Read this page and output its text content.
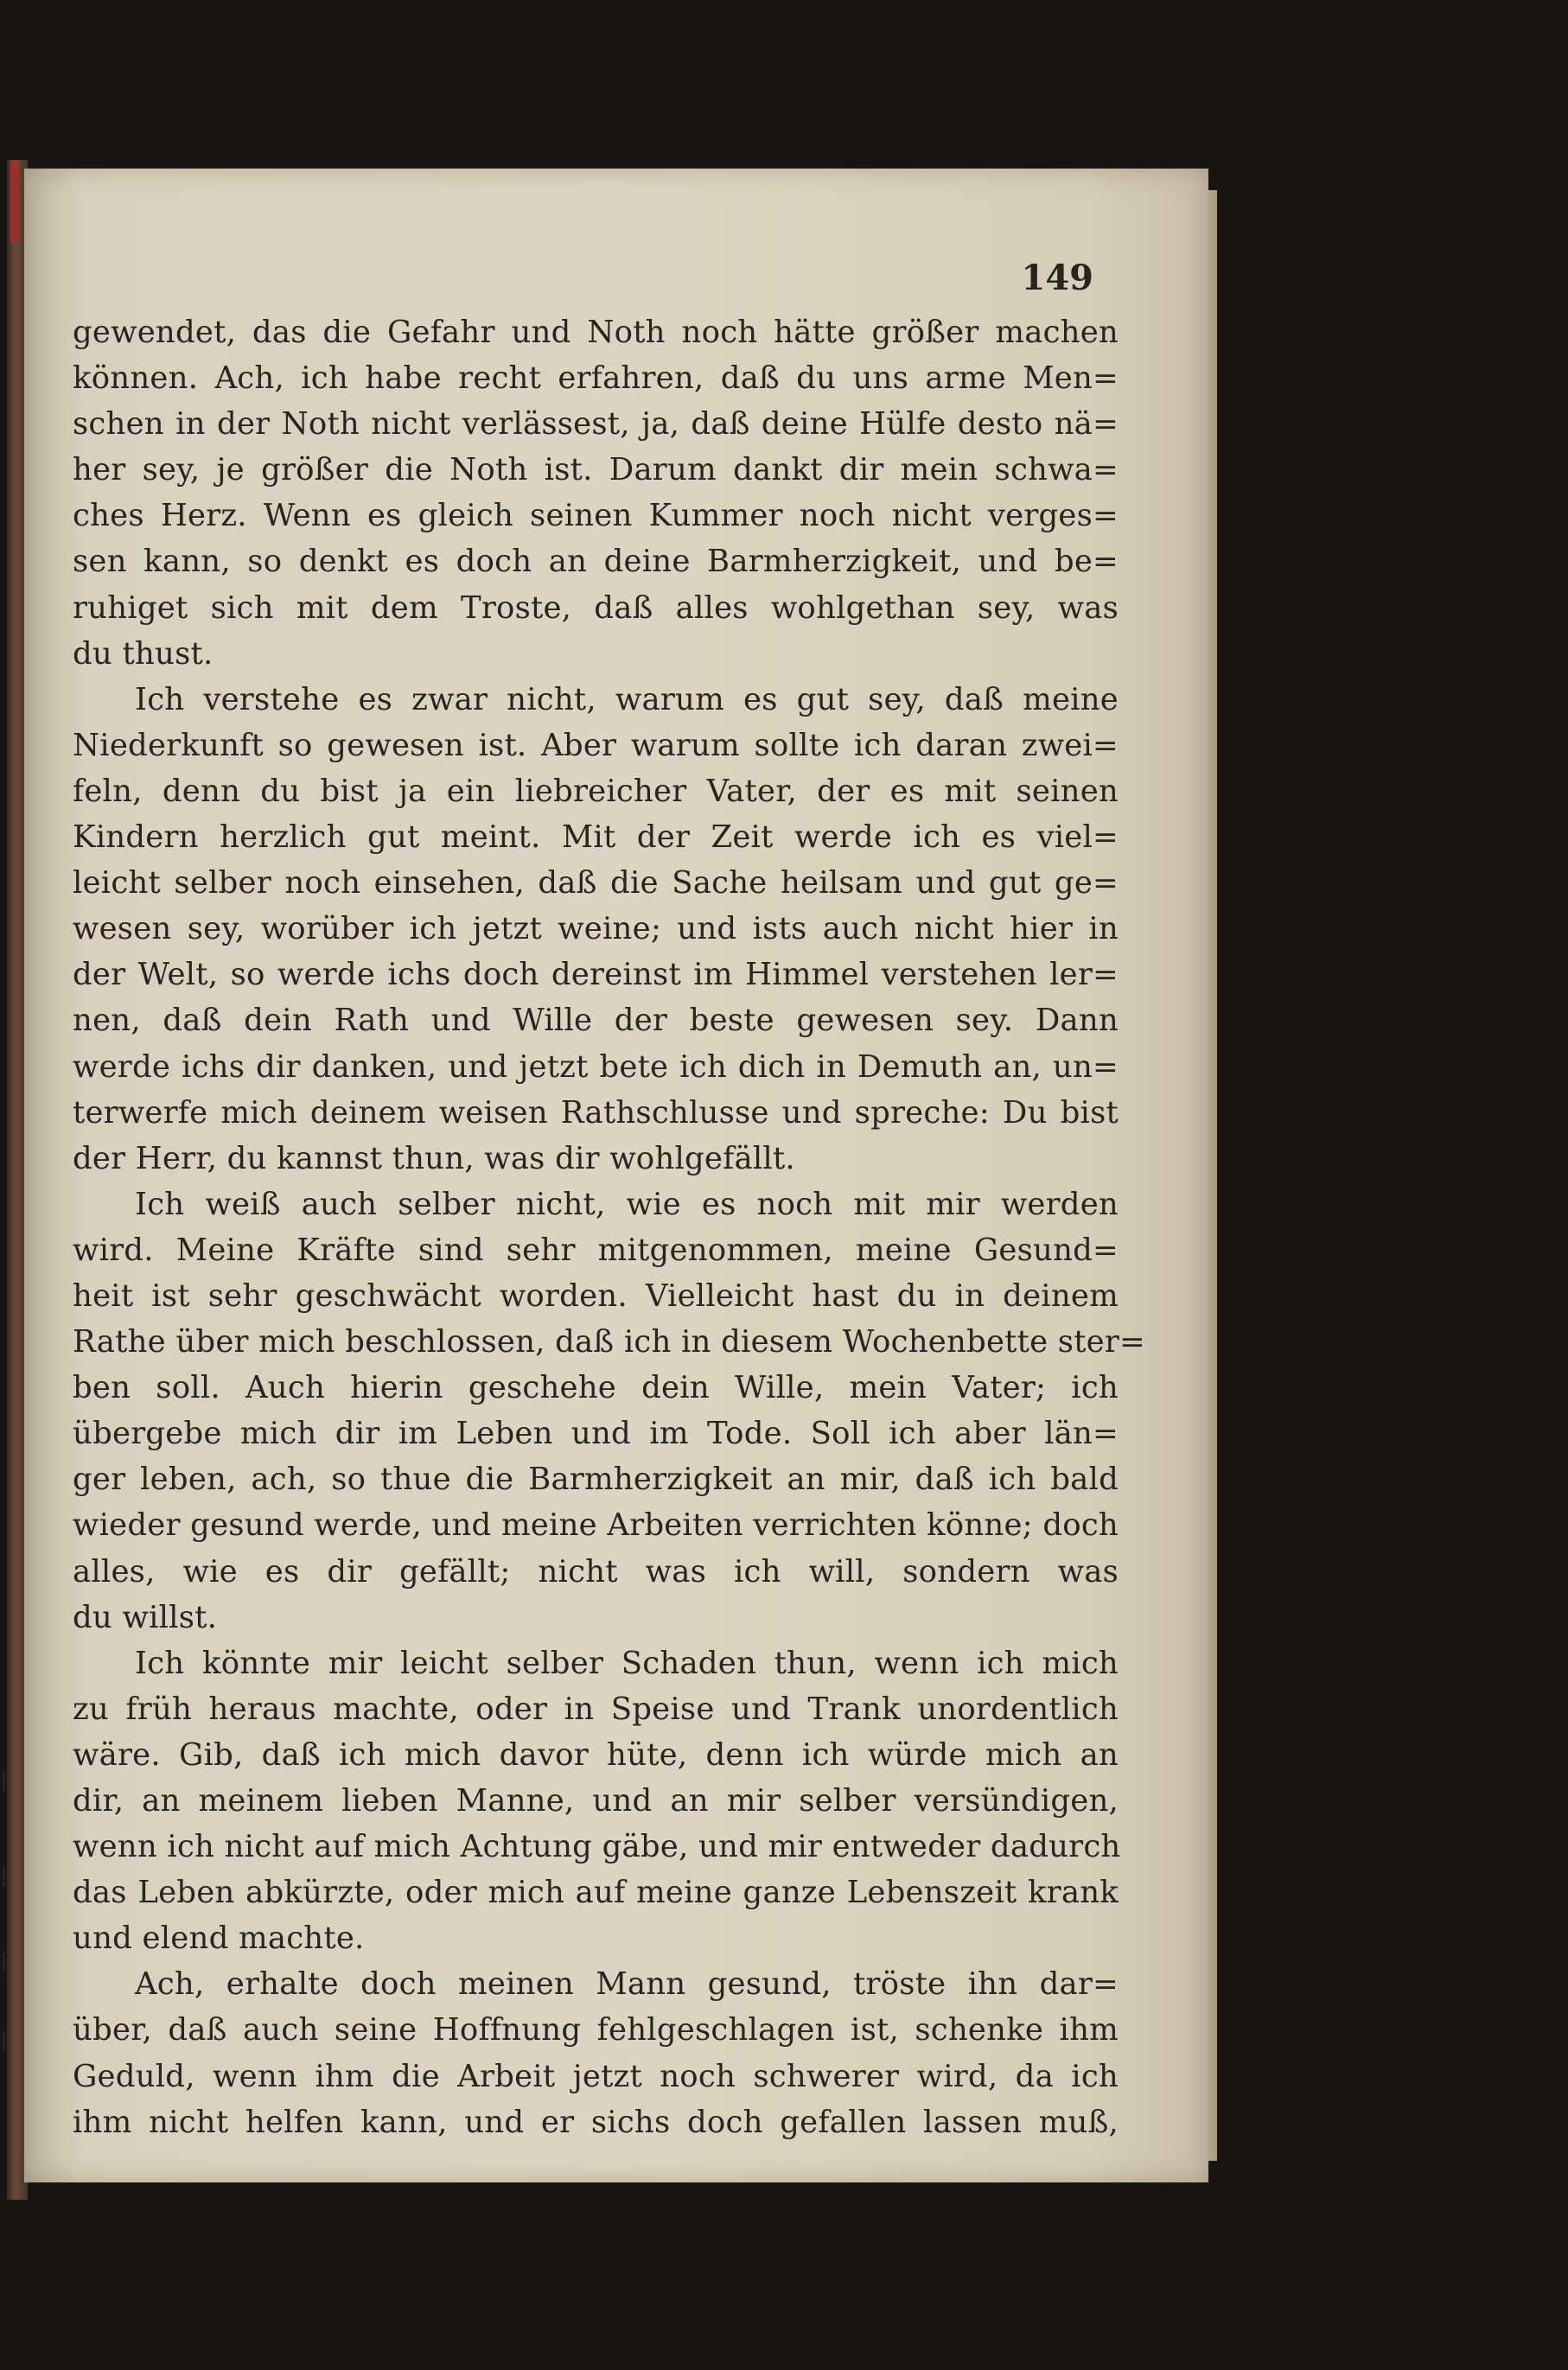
149
gewendet, das die Gefahr und Noth noch hätte größer machen
können. Ach, ich habe recht erfahren, daß du uns arme Men=
schen in der Noth nicht verlässest, ja, daß deine Hülfe desto nä=
her sey, je größer die Noth ist. Darum dankt dir mein schwa=
ches Herz. Wenn es gleich seinen Kummer noch nicht verges=
sen kann, so denkt es doch an deine Barmherzigkeit, und be=
ruhiget sich mit dem Troste, daß alles wohlgethan sey, was
du thust.
Ich verstehe es zwar nicht, warum es gut sey, daß meine
Niederkunft so gewesen ist. Aber warum sollte ich daran zwei=
feln, denn du bist ja ein liebreicher Vater, der es mit seinen
Kindern herzlich gut meint. Mit der Zeit werde ich es viel=
leicht selber noch einsehen, daß die Sache heilsam und gut ge=
wesen sey, worüber ich jetzt weine; und ists auch nicht hier in
der Welt, so werde ichs doch dereinst im Himmel verstehen ler=
nen, daß dein Rath und Wille der beste gewesen sey. Dann
werde ichs dir danken, und jetzt bete ich dich in Demuth an, un=
terwerfe mich deinem weisen Rathschlusse und spreche: Du bist
der Herr, du kannst thun, was dir wohlgefällt.
Ich weiß auch selber nicht, wie es noch mit mir werden
wird. Meine Kräfte sind sehr mitgenommen, meine Gesund=
heit ist sehr geschwächt worden. Vielleicht hast du in deinem
Rathe über mich beschlossen, daß ich in diesem Wochenbette ster=
ben soll. Auch hierin geschehe dein Wille, mein Vater; ich
übergebe mich dir im Leben und im Tode. Soll ich aber län=
ger leben, ach, so thue die Barmherzigkeit an mir, daß ich bald
wieder gesund werde, und meine Arbeiten verrichten könne; doch
alles, wie es dir gefällt; nicht was ich will, sondern was
du willst.
Ich könnte mir leicht selber Schaden thun, wenn ich mich
zu früh heraus machte, oder in Speise und Trank unordentlich
wäre. Gib, daß ich mich davor hüte, denn ich würde mich an
dir, an meinem lieben Manne, und an mir selber versündigen,
wenn ich nicht auf mich Achtung gäbe, und mir entweder dadurch
das Leben abkürzte, oder mich auf meine ganze Lebenszeit krank
und elend machte.
Ach, erhalte doch meinen Mann gesund, tröste ihn dar=
über, daß auch seine Hoffnung fehlgeschlagen ist, schenke ihm
Geduld, wenn ihm die Arbeit jetzt noch schwerer wird, da ich
ihm nicht helfen kann, und er sichs doch gefallen lassen muß,
